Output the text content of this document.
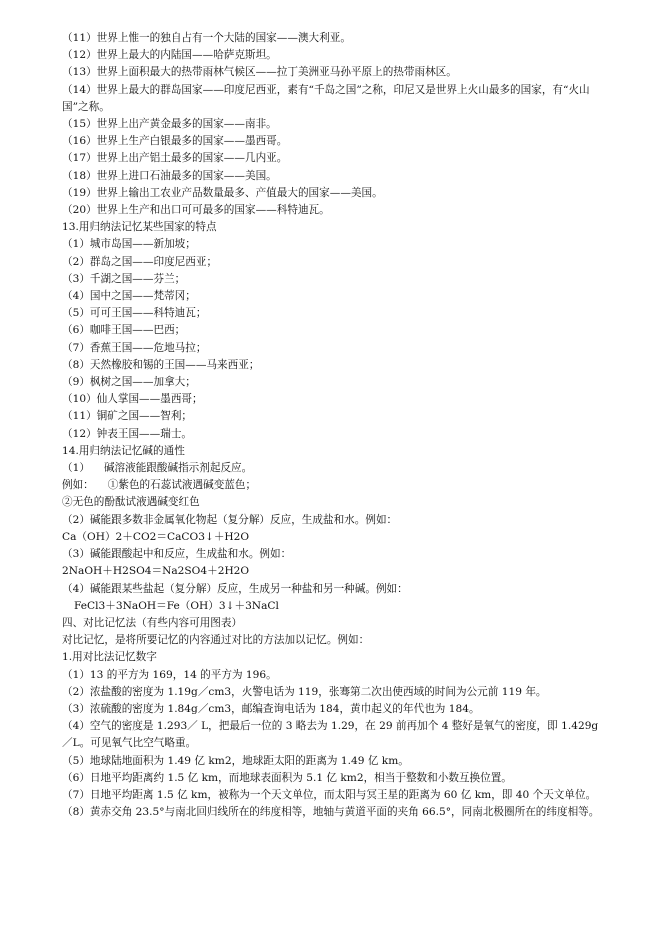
（11）世界上惟一的独自占有一个大陆的国家——澳大利亚。
（12）世界上最大的内陆国——哈萨克斯坦。
（13）世界上面积最大的热带雨林气候区——拉丁美洲亚马孙平原上的热带雨林区。
（14）世界上最大的群岛国家——印度尼西亚，素有“千岛之国”之称，印尼又是世界上火山最多的国家，有“火山国”之称。
（15）世界上出产黄金最多的国家——南非。
（16）世界上生产白银最多的国家——墨西哥。
（17）世界上出产铝土最多的国家——几内亚。
（18）世界上进口石油最多的国家——美国。
（19）世界上输出工农业产品数量最多、产值最大的国家——美国。
（20）世界上生产和出口可可最多的国家——科特迪瓦。
13.用归纳法记忆某些国家的特点
（1）城市岛国——新加坡；
（2）群岛之国——印度尼西亚；
（3）千湖之国——芬兰；
（4）国中之国——梵蒂冈；
（5）可可王国——科特迪瓦；
（6）咖啡王国——巴西；
（7）香蕉王国——危地马拉；
（8）天然橡胶和锡的王国——马来西亚；
（9）枫树之国——加拿大；
（10）仙人掌国——墨西哥；
（11）铜矿之国——智利；
（12）钟表王国——瑞士。
14.用归纳法记忆碱的通性
（1） 碱溶液能跟酸碱指示剂起反应。
例如： ①紫色的石蕊试液遇碱变蓝色；
②无色的酚酞试液遇碱变红色
（2）碱能跟多数非金属氧化物起（复分解）反应，生成盐和水。例如：
Ca（OH）2＋CO2＝CaCO3↓＋H2O
（3）碱能跟酸起中和反应，生成盐和水。例如：
2NaOH＋H2SO4＝Na2SO4＋2H2O
（4）碱能跟某些盐起（复分解）反应，生成另一种盐和另一种碱。例如：
FeCl3＋3NaOH＝Fe（OH）3↓＋3NaCl
四、对比记忆法（有些内容可用图表）
对比记忆，是将所要记忆的内容通过对比的方法加以记忆。例如：
1.用对比法记忆数字
（1）13 的平方为 169，14 的平方为 196。
（2）浓盐酸的密度为 1.19g／cm3，火警电话为 119，张骞第二次出使西域的时间为公元前 119 年。
（3）浓硫酸的密度为 1.84g／cm3，邮编查询电话为 184，黄巾起义的年代也为 184。
（4）空气的密度是 1.293／ L，把最后一位的 3 略去为 1.29，在 29 前再加个 4 整好是氧气的密度，即 1.429g／L。可见氧气比空气略重。
（5）地球陆地面积为 1.49 亿 km2，地球距太阳的距离为 1.49 亿 km。
（6）日地平均距离约 1.5 亿 km，而地球表面积为 5.1 亿 km2，相当于整数和小数互换位置。
（7）日地平均距离 1.5 亿 km，被称为一个天文单位，而太阳与冥王星的距离为 60 亿 km，即 40 个天文单位。
（8）黄赤交角 23.5°与南北回归线所在的纬度相等，地轴与黄道平面的夹角 66.5°，同南北极圈所在的纬度相等。
